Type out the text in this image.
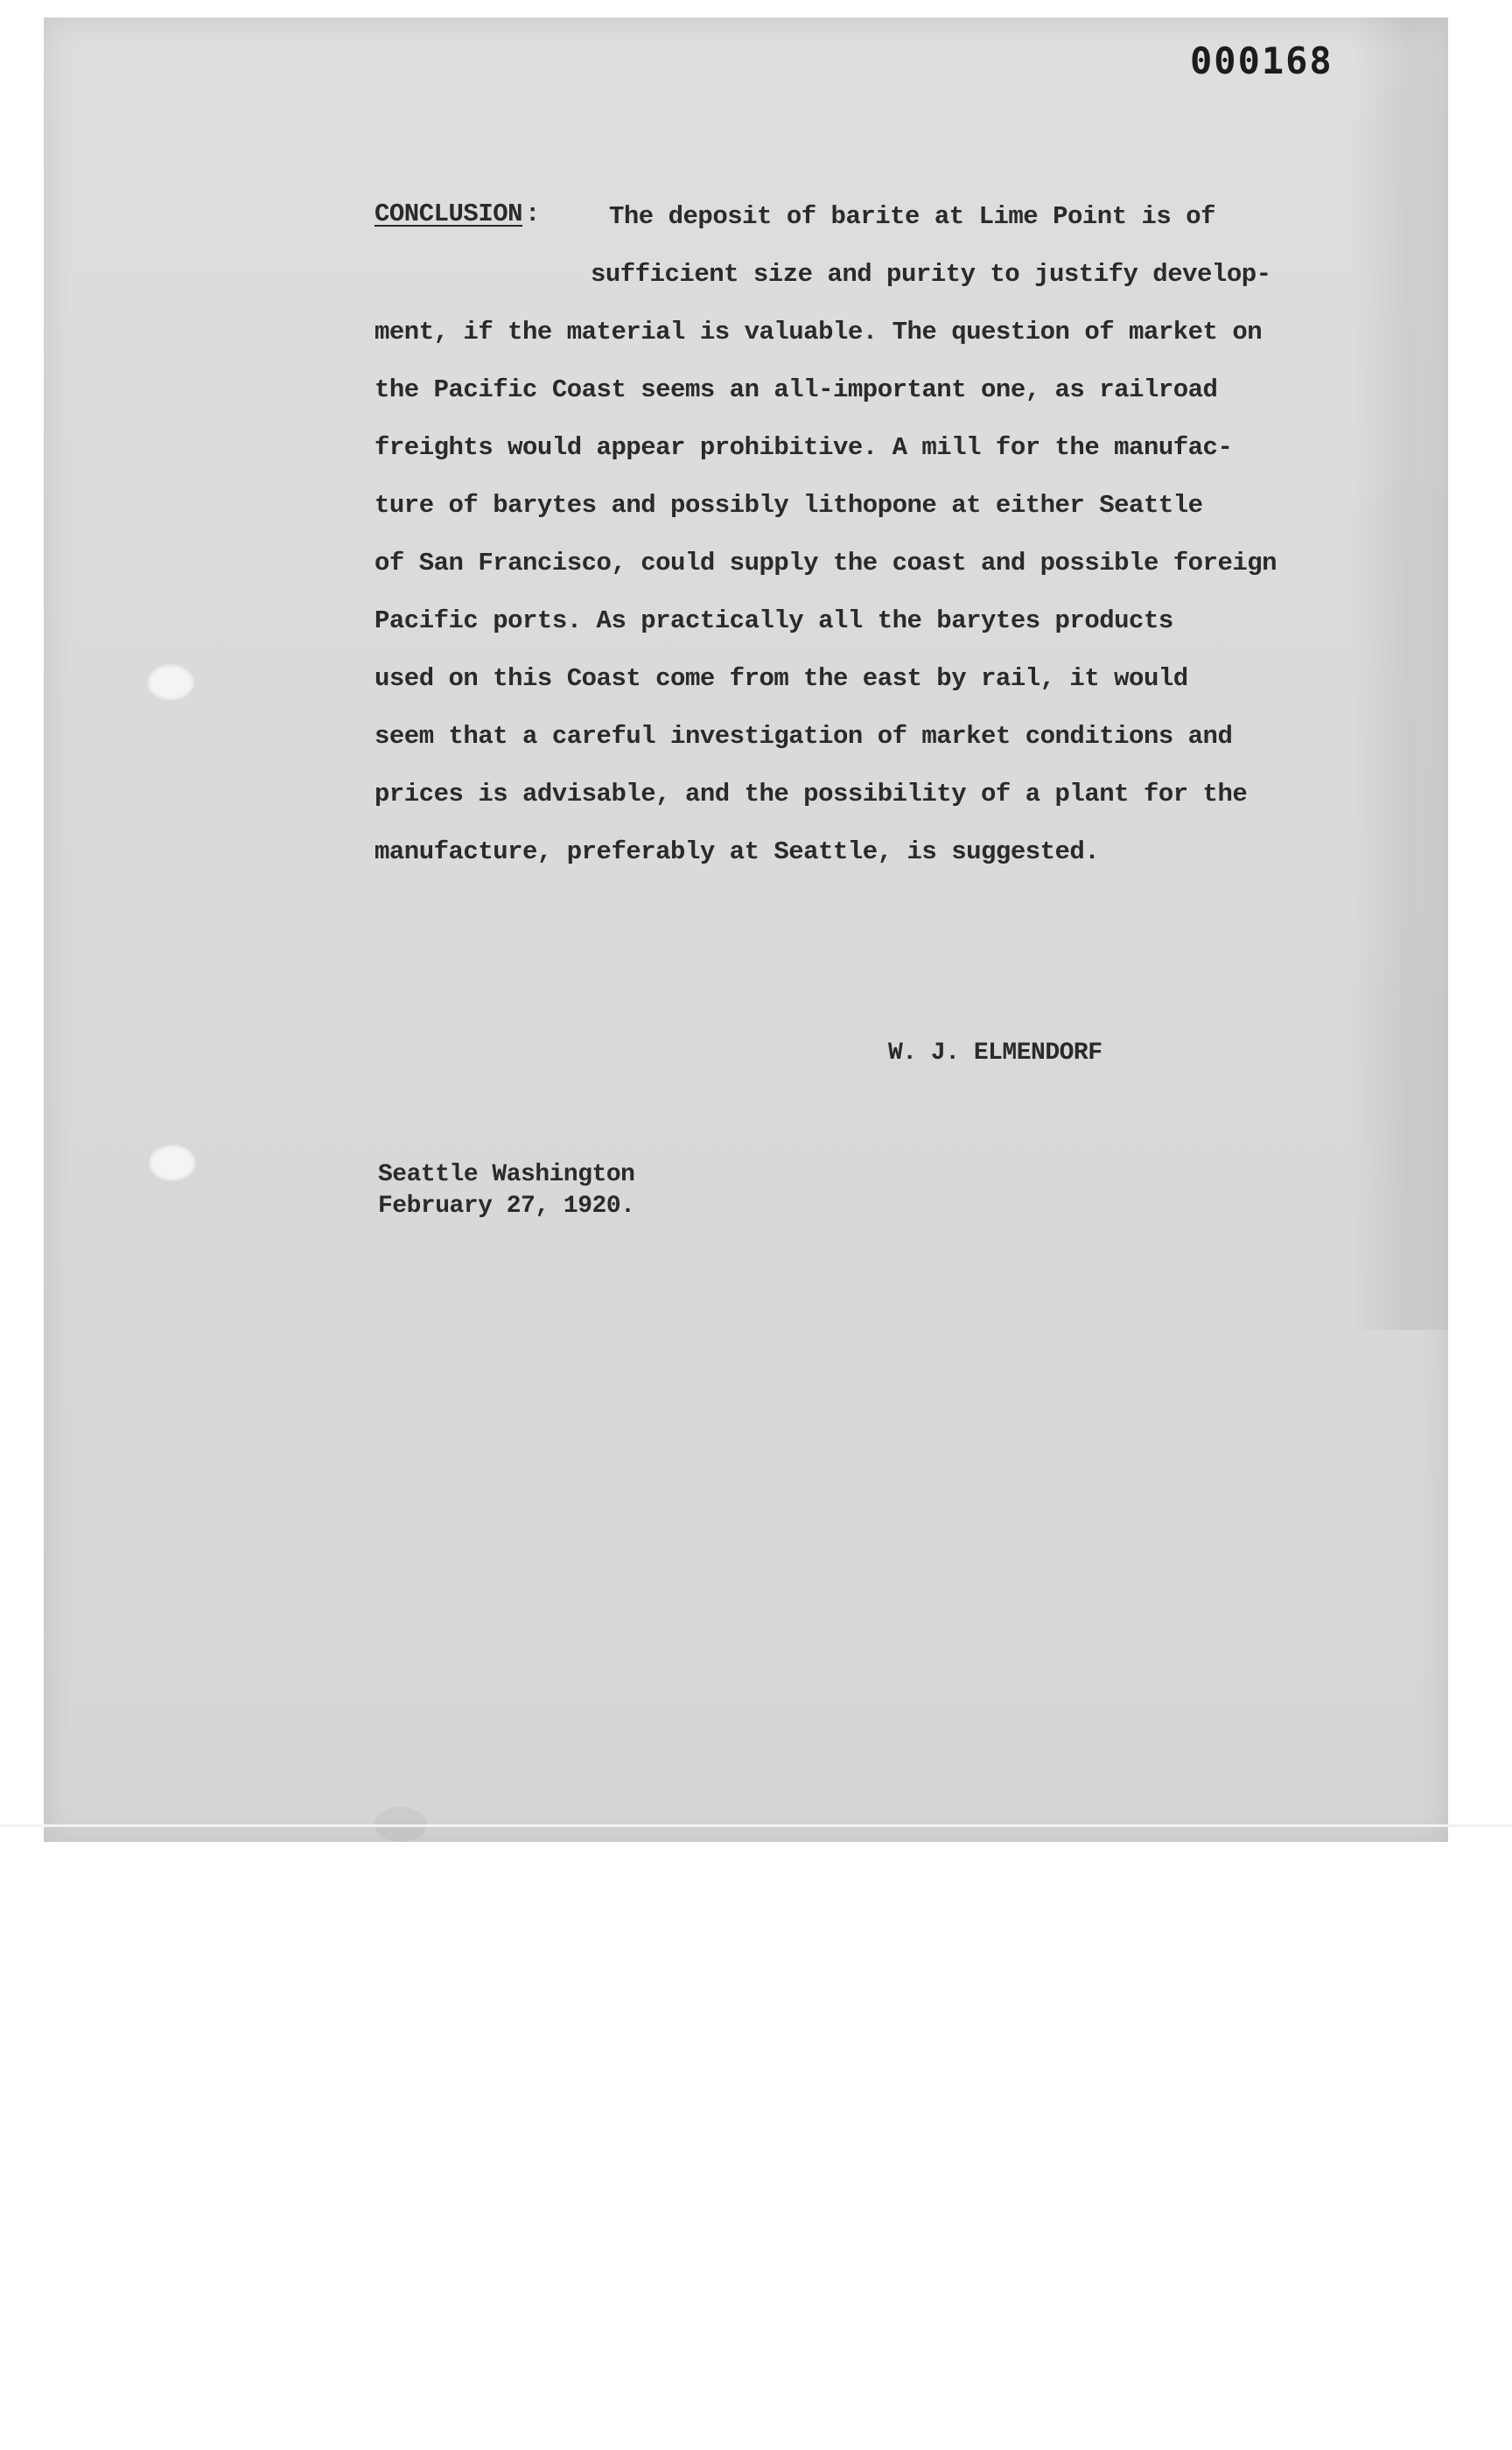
000168
CONCLUSION :	The deposit of barite at Lime Point is of
sufficient size and purity to justify develop-
ment, if the material is valuable. The question of market on
the Pacific Coast seems an all-important one, as railroad
freights would appear prohibitive. A mill for the manufac-
ture of barytes and possibly lithopone at either Seattle
of San Francisco, could supply the coast and possible foreign
Pacific ports. As practically all the barytes products
used on this Coast come from the east by rail, it would
seem that a careful investigation of market conditions and
prices is advisable, and the possibility of a plant for the
manufacture, preferably at Seattle, is suggested.
W. J. ELMENDORF
Seattle Washington
February 27, 1920.
